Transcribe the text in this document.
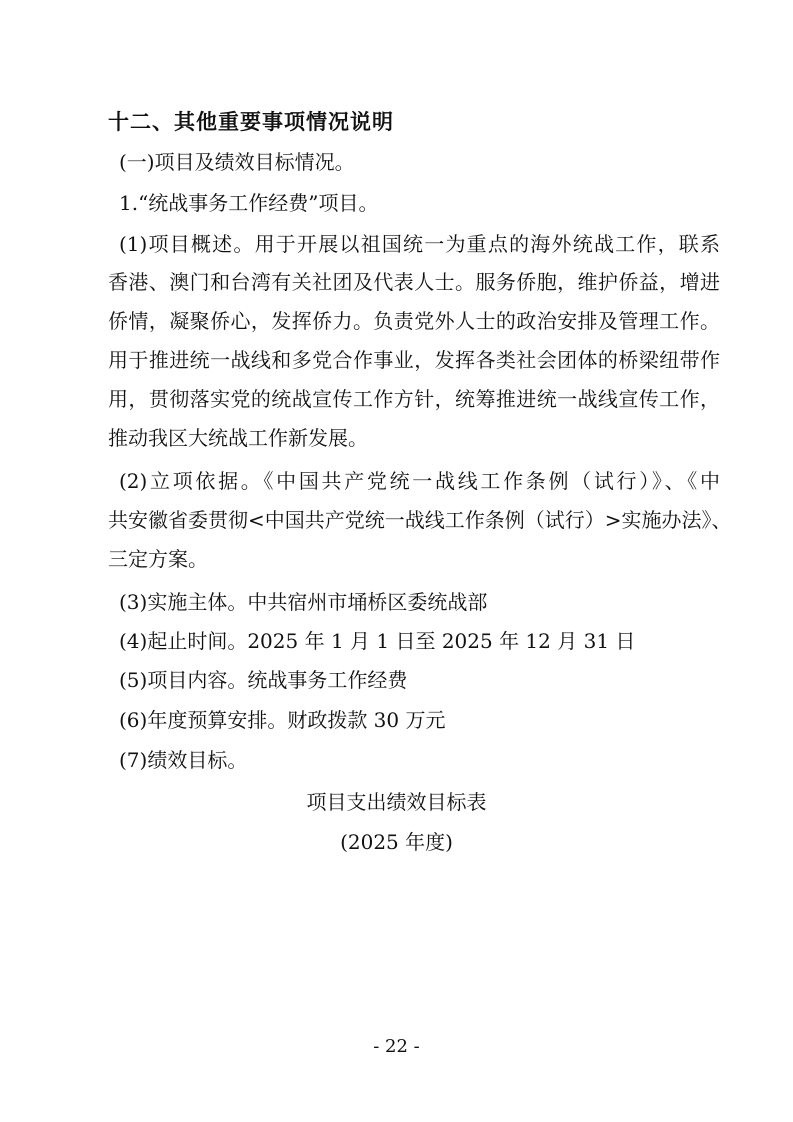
十二、其他重要事项情况说明
(一)项目及绩效目标情况。
1.“统战事务工作经费”项目。
(1)项目概述。用于开展以祖国统一为重点的海外统战工作，联系
香港、澳门和台湾有关社团及代表人士。服务侨胞，维护侨益，增进
侨情，凝聚侨心，发挥侨力。负责党外人士的政治安排及管理工作。
用于推进统一战线和多党合作事业，发挥各类社会团体的桥梁纽带作
用，贯彻落实党的统战宣传工作方针，统筹推进统一战线宣传工作，
推动我区大统战工作新发展。
(2)立项依据。《中国共产党统一战线工作条例（试行）》、《中
共安徽省委贯彻<中国共产党统一战线工作条例（试行）>实施办法》、
三定方案。
(3)实施主体。中共宿州市埇桥区委统战部
(4)起止时间。2025 年 1 月 1 日至 2025 年 12 月 31 日
(5)项目内容。统战事务工作经费
(6)年度预算安排。财政拨款 30 万元
(7)绩效目标。
项目支出绩效目标表
(2025 年度)
- 22 -
